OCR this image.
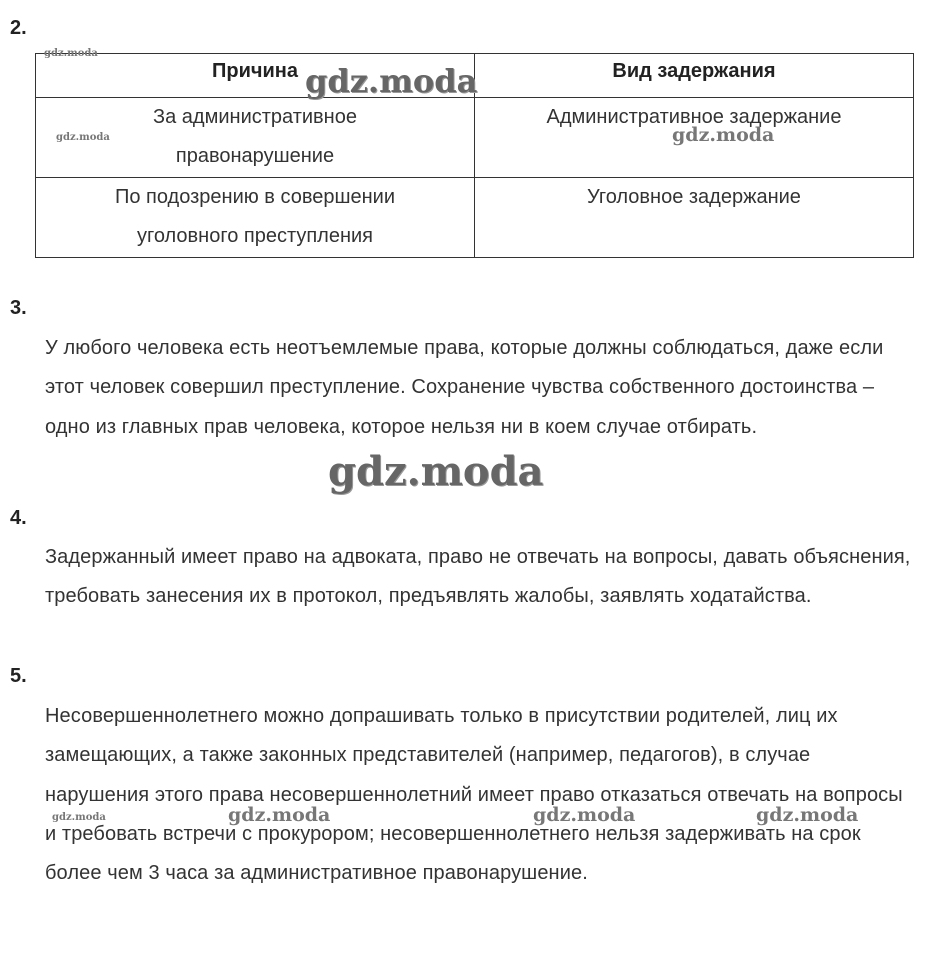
2.
Причина	Вид задержания
За административное правонарушение	Административное задержание
По подозрению в совершении уголовного преступления	Уголовное задержание
3.
У любого человека есть неотъемлемые права, которые должны соблюдаться, даже если этот человек совершил преступление. Сохранение чувства собственного достоинства – одно из главных прав человека, которое нельзя ни в коем случае отбирать.
4.
Задержанный имеет право на адвоката, право не отвечать на вопросы, давать объяснения, требовать занесения их в протокол, предъявлять жалобы, заявлять ходатайства.
5.
Несовершеннолетнего можно допрашивать только в присутствии родителей, лиц их замещающих, а также законных представителей (например, педагогов), в случае нарушения этого права несовершеннолетний имеет право отказаться отвечать на вопросы и требовать встречи с прокурором; несовершеннолетнего нельзя задерживать на срок более чем 3 часа за административное правонарушение.
gdz.moda
gdz.moda
gdz.moda	gdz.moda
gdz.moda
gdz.moda	gdz.moda	gdz.moda	gdz.moda
